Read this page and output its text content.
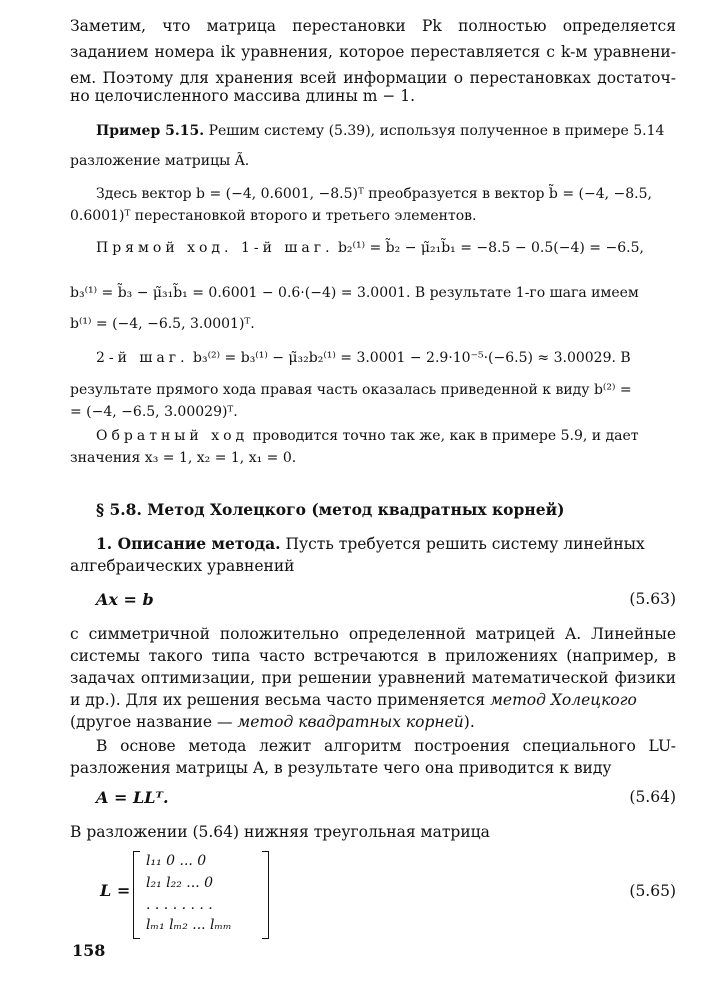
Заметим, что матрица перестановки Pk полностью определяется
заданием номера ik уравнения, которое переставляется с k-м уравнени-
ем. Поэтому для хранения всей информации о перестановках достаточ-
но целочисленного массива длины m − 1.
Пример 5.15. Решим систему (5.39), используя полученное в примере 5.14
разложение матрицы Ã.
Здесь вектор b = (−4, 0.6001, −8.5)ᵀ преобразуется в вектор b̃ = (−4, −8.5,
0.6001)ᵀ перестановкой второго и третьего элементов.
Прямой ход. 1-й шаг. b₂⁽¹⁾ = b̃₂ − μ̃₂₁b̃₁ = −8.5 − 0.5(−4) = −6.5,
b₃⁽¹⁾ = b̃₃ − μ̃₃₁b̃₁ = 0.6001 − 0.6·(−4) = 3.0001. В результате 1-го шага имеем
b⁽¹⁾ = (−4, −6.5, 3.0001)ᵀ.
2-й шаг. b₃⁽²⁾ = b₃⁽¹⁾ − μ̃₃₂b₂⁽¹⁾ = 3.0001 − 2.9·10⁻⁵·(−6.5) ≈ 3.00029. В
результате прямого хода правая часть оказалась приведенной к виду b⁽²⁾ =
= (−4, −6.5, 3.00029)ᵀ.
Обратный ход проводится точно так же, как в примере 5.9, и дает
значения x₃ = 1, x₂ = 1, x₁ = 0.
§ 5.8. Метод Холецкого (метод квадратных корней)
1. Описание метода. Пусть требуется решить систему линейных
алгебраических уравнений
Ax = b	(5.63)
с симметричной положительно определенной матрицей A. Линейные
системы такого типа часто встречаются в приложениях (например, в
задачах оптимизации, при решении уравнений математической физики
и др.). Для их решения весьма часто применяется метод Холецкого
(другое название — метод квадратных корней).
В основе метода лежит алгоритм построения специального LU-
разложения матрицы A, в результате чего она приводится к виду
A = LLᵀ.	(5.64)
В разложении (5.64) нижняя треугольная матрица
L =
l₁₁ 0 ... 0
l₂₁ l₂₂ ... 0
. . . . . . . .
lₘ₁ lₘ₂ ... lₘₘ
(5.65)
158
